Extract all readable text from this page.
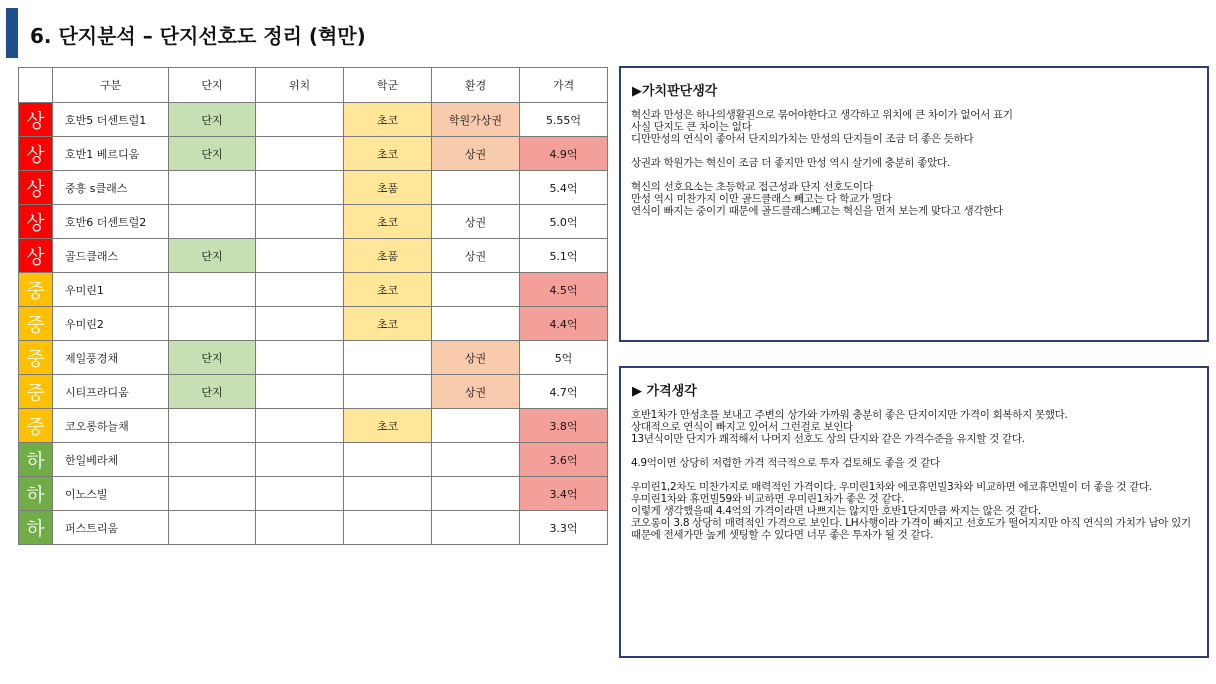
6. 단지분석 – 단지선호도 정리 (혁만)
	구분	단지	위치	학군	환경	가격
상	호반5 더센트럴1	단지		초코	학원가상권	5.55억
상	호반1 베르디움	단지		초코	상권	4.9억
상	중흥 s클래스			초품		5.4억
상	호반6 더센트럴2			초코	상권	5.0억
상	골드클래스	단지		초품	상권	5.1억
중	우미린1			초코		4.5억
중	우미린2			초코		4.4억
중	제일풍경채	단지			상권	5억
중	시티프라디움	단지			상권	4.7억
중	코오롱하늘채			초코		3.8억
하	한일베라체					3.6억
하	이노스빌					3.4억
하	퍼스트리움					3.3억
▶가치판단생각

혁신과 만성은 하나의생활권으로 묶어야한다고 생각하고 위치에 큰 차이가 없어서 표기

사실 단지도 큰 차이는 없다

디만만성의 연식이 좋아서 단지의가치는 만성의 단지들이 조금 더 좋은 듯하다

상권과 학원가는 혁신이 조금 더 좋지만 만성 역시 살기에 충분히 좋았다.

혁신의 선호요소는 초등학교 접근성과 단지 선호도이다

만성 역시 미찬가지 이만 골드클래스 빼고는 다 학교가 멀다

연식이 빠지는 중이기 때문에 골드클래스빼고는 혁신을 먼저 보는게 맞다고 생각한다

▶ 가격생각

호반1차가 만성초를 보내고 주변의 상가와 가까워 충분히 좋은 단지이지만 가격이 회복하지 못했다.

상대적으로 연식이 빠지고 있어서 그런걸로 보인다

13년식이만 단지가 쾌적해서 나머지 선호도 상의 단지와 같은 가격수준을 유지할 것 같다.

4.9억이면 상당히 저렴한 가격 적극적으로 투자 검토해도 좋을 것 같다

우미린1,2차도 미찬가지로 매력적인 가격이다. 우미린1차와 에코휴먼빌3차와 비교하면 에코휴먼빌이 더 좋을 것 같다.

우미린1차와 휴먼빌59와 비교하면 우미린1차가 좋은 것 같다.

이렇게 생각했을때 4.4억의 가격이라면 나쁘지는 않지만 호반1단지만큼 싸지는 않은 것 같다.

코오롱이 3.8 상당히 매력적인 가격으로 보인다. LH사행이라 가격이 빠지고 선호도가 떨어지지만 아직 연식의 가치가 남아 있기 때문에 전세가만 높게 셋팅할 수 있다면 너무 좋은 투자가 될 것 같다.
